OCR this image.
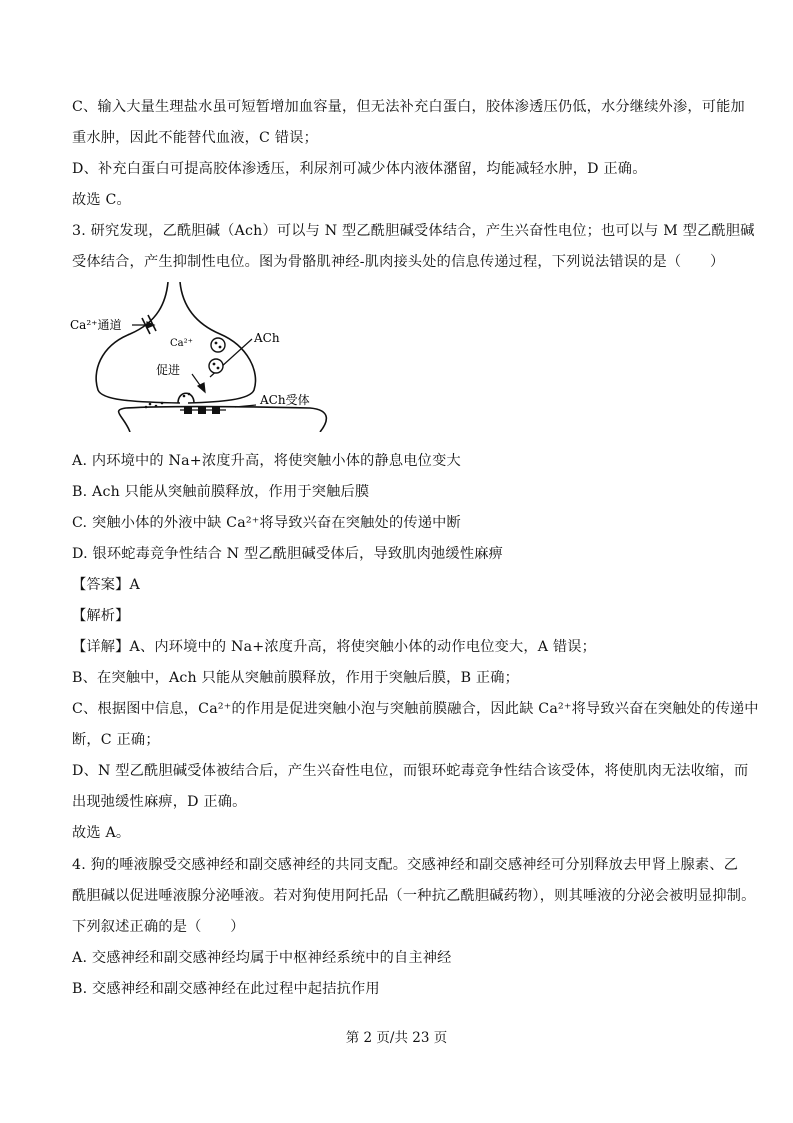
C、输入大量生理盐水虽可短暂增加血容量，但无法补充白蛋白，胶体渗透压仍低，水分继续外渗，可能加
重水肿，因此不能替代血液，C 错误；
D、补充白蛋白可提高胶体渗透压，利尿剂可减少体内液体潴留，均能减轻水肿，D 正确。
故选 C。
3. 研究发现，乙酰胆碱（Ach）可以与 N 型乙酰胆碱受体结合，产生兴奋性电位；也可以与 M 型乙酰胆碱
受体结合，产生抑制性电位。图为骨骼肌神经-肌肉接头处的信息传递过程，下列说法错误的是（　　）
Ca²⁺通道
Ca²⁺
促进
ACh
ACh受体
A. 内环境中的 Na+浓度升高，将使突触小体的静息电位变大
B. Ach 只能从突触前膜释放，作用于突触后膜
C. 突触小体的外液中缺 Ca²⁺将导致兴奋在突触处的传递中断
D. 银环蛇毒竞争性结合 N 型乙酰胆碱受体后，导致肌肉弛缓性麻痹
【答案】A
【解析】
【详解】A、内环境中的 Na+浓度升高，将使突触小体的动作电位变大，A 错误；
B、在突触中，Ach 只能从突触前膜释放，作用于突触后膜，B 正确；
C、根据图中信息，Ca²⁺的作用是促进突触小泡与突触前膜融合，因此缺 Ca²⁺将导致兴奋在突触处的传递中
断，C 正确；
D、N 型乙酰胆碱受体被结合后，产生兴奋性电位，而银环蛇毒竞争性结合该受体，将使肌肉无法收缩，而
出现弛缓性麻痹，D 正确。
故选 A。
4. 狗的唾液腺受交感神经和副交感神经的共同支配。交感神经和副交感神经可分别释放去甲肾上腺素、乙
酰胆碱以促进唾液腺分泌唾液。若对狗使用阿托品（一种抗乙酰胆碱药物），则其唾液的分泌会被明显抑制。
下列叙述正确的是（　　）
A. 交感神经和副交感神经均属于中枢神经系统中的自主神经
B. 交感神经和副交感神经在此过程中起拮抗作用
第 2 页/共 23 页
